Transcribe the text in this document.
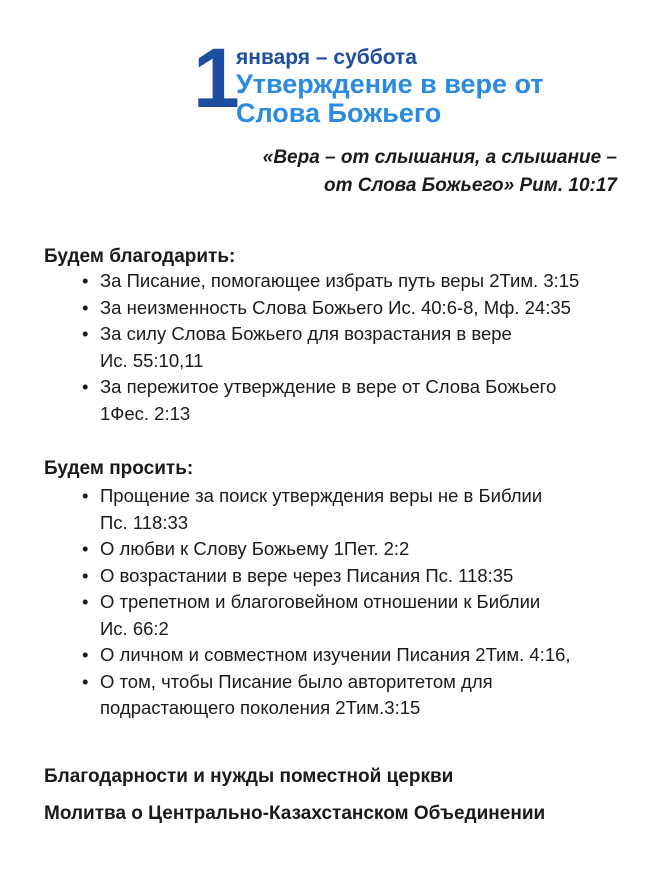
1
января – суббота
Утверждение в вере от
Слова Божьего
«Вера – от слышания, а слышание –
от Слова Божьего» Рим. 10:17
Будем благодарить:
• За Писание, помогающее избрать путь веры 2Тим. 3:15
• За неизменность Слова Божьего Ис. 40:6-8, Мф. 24:35
• За силу Слова Божьего для возрастания в вере
Ис. 55:10,11
• За пережитое утверждение в вере от Слова Божьего
1Фес. 2:13
Будем просить:
• Прощение за поиск утверждения веры не в Библии
Пс. 118:33
• О любви к Слову Божьему 1Пет. 2:2
• О возрастании в вере через Писания Пс. 118:35
• О трепетном и благоговейном отношении к Библии
Ис. 66:2
• О личном и совместном изучении Писания 2Тим. 4:16,
• О том, чтобы Писание было авторитетом для
подрастающего поколения 2Тим.3:15
Благодарности и нужды поместной церкви
Молитва о Центрально-Казахстанском Объединении
